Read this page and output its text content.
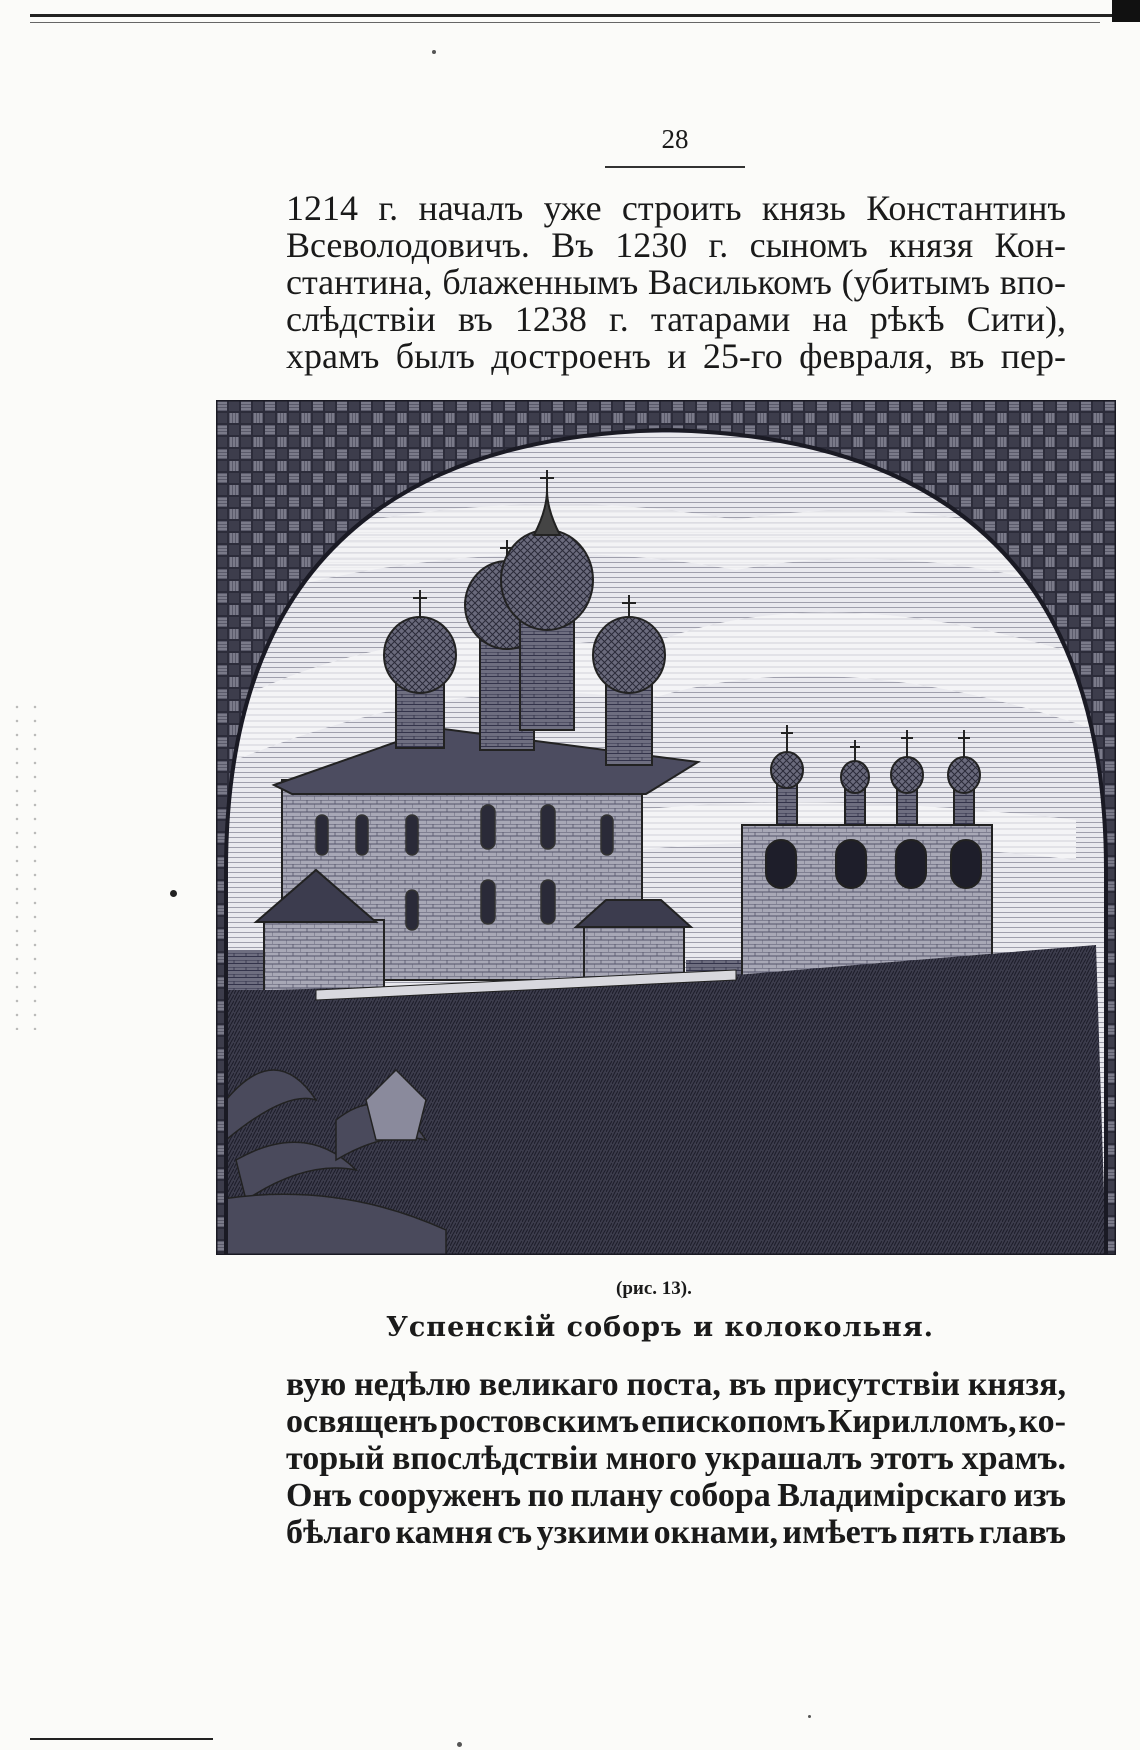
28
1214 г. началъ уже строить князь Константинъ
Всеволодовичъ. Въ 1230 г. сыномъ князя Кон-
стантина, блаженнымъ Василькомъ (убитымъ впо-
слѣдствіи въ 1238 г. татарами на рѣкѣ Сити),
храмъ былъ достроенъ и 25-го февраля, въ пер-
(рис. 13).
Успенскій соборъ и колокольня.
вую недѣлю великаго поста, въ присутствіи князя,
освященъ ростовскимъ епископомъ Кирилломъ, ко-
торый впослѣдствіи много украшалъ этотъ храмъ.
Онъ сооруженъ по плану собора Владимірскаго изъ
бѣлаго камня съ узкими окнами, имѣетъ пять главъ
